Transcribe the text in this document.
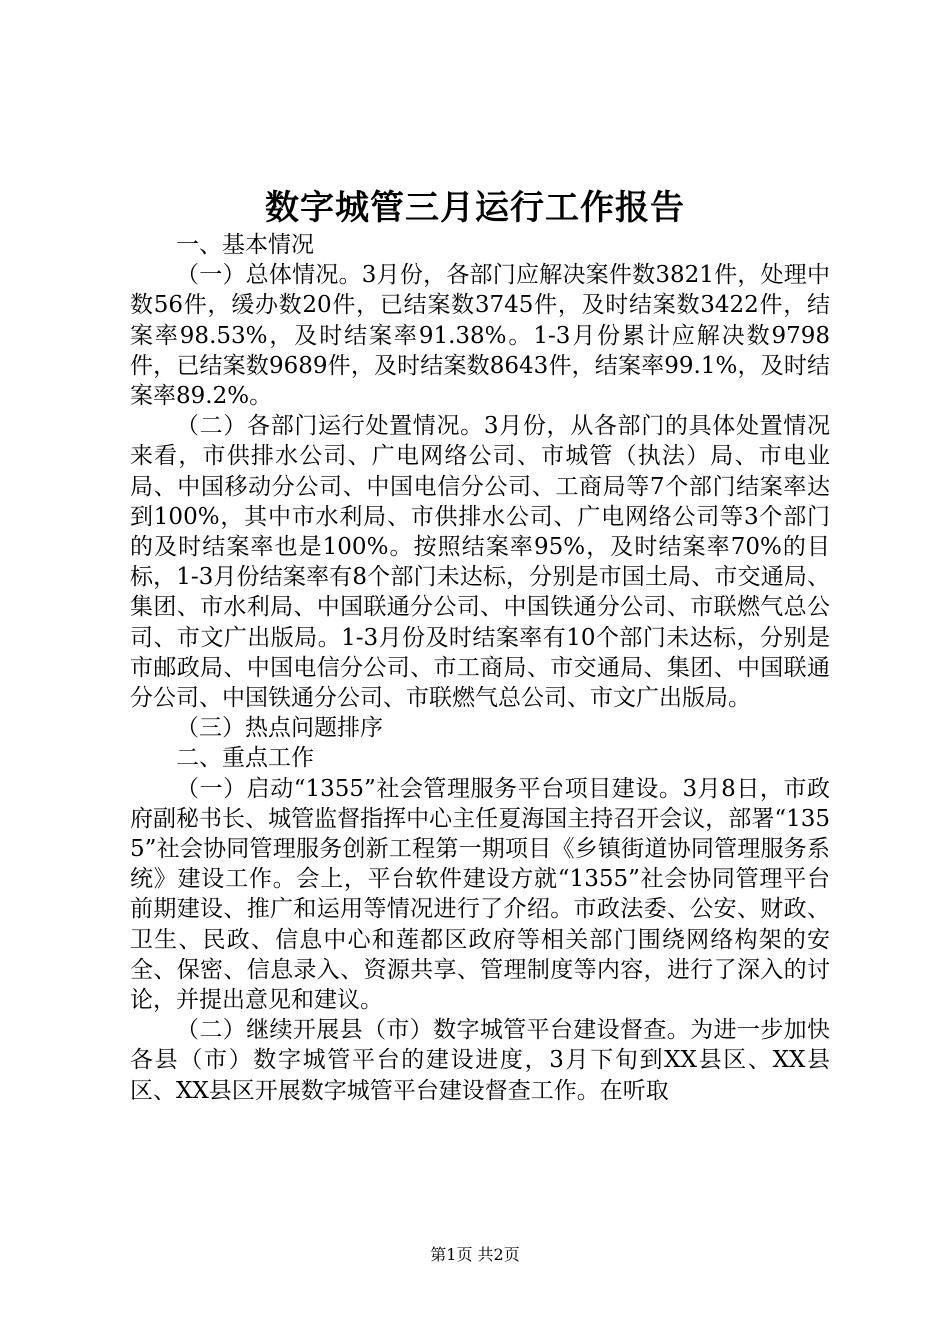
数字城管三月运行工作报告

一、基本情况

（一）总体情况。3月份，各部门应解决案件数3821件，处理中数56件，缓办数20件，已结案数3745件，及时结案数3422件，结案率98.53%，及时结案率91.38%。1-3月份累计应解决数9798件，已结案数9689件，及时结案数8643件，结案率99.1%，及时结案率89.2%。

（二）各部门运行处置情况。3月份，从各部门的具体处置情况来看，市供排水公司、广电网络公司、市城管（执法）局、市电业局、中国移动分公司、中国电信分公司、工商局等7个部门结案率达到100%，其中市水利局、市供排水公司、广电网络公司等3个部门的及时结案率也是100%。按照结案率95%，及时结案率70%的目标，1-3月份结案率有8个部门未达标，分别是市国土局、市交通局、集团、市水利局、中国联通分公司、中国铁通分公司、市联燃气总公司、市文广出版局。1-3月份及时结案率有10个部门未达标，分别是市邮政局、中国电信分公司、市工商局、市交通局、集团、中国联通分公司、中国铁通分公司、市联燃气总公司、市文广出版局。

（三）热点问题排序

二、重点工作

（一）启动“1355”社会管理服务平台项目建设。3月8日，市政府副秘书长、城管监督指挥中心主任夏海国主持召开会议，部署“1355”社会协同管理服务创新工程第一期项目《乡镇街道协同管理服务系统》建设工作。会上，平台软件建设方就“1355”社会协同管理平台前期建设、推广和运用等情况进行了介绍。市政法委、公安、财政、卫生、民政、信息中心和莲都区政府等相关部门围绕网络构架的安全、保密、信息录入、资源共享、管理制度等内容，进行了深入的讨论，并提出意见和建议。

（二）继续开展县（市）数字城管平台建设督查。为进一步加快各县（市）数字城管平台的建设进度，3月下旬到XX县区、XX县区、XX县区开展数字城管平台建设督查工作。在听取

第1页 共2页
